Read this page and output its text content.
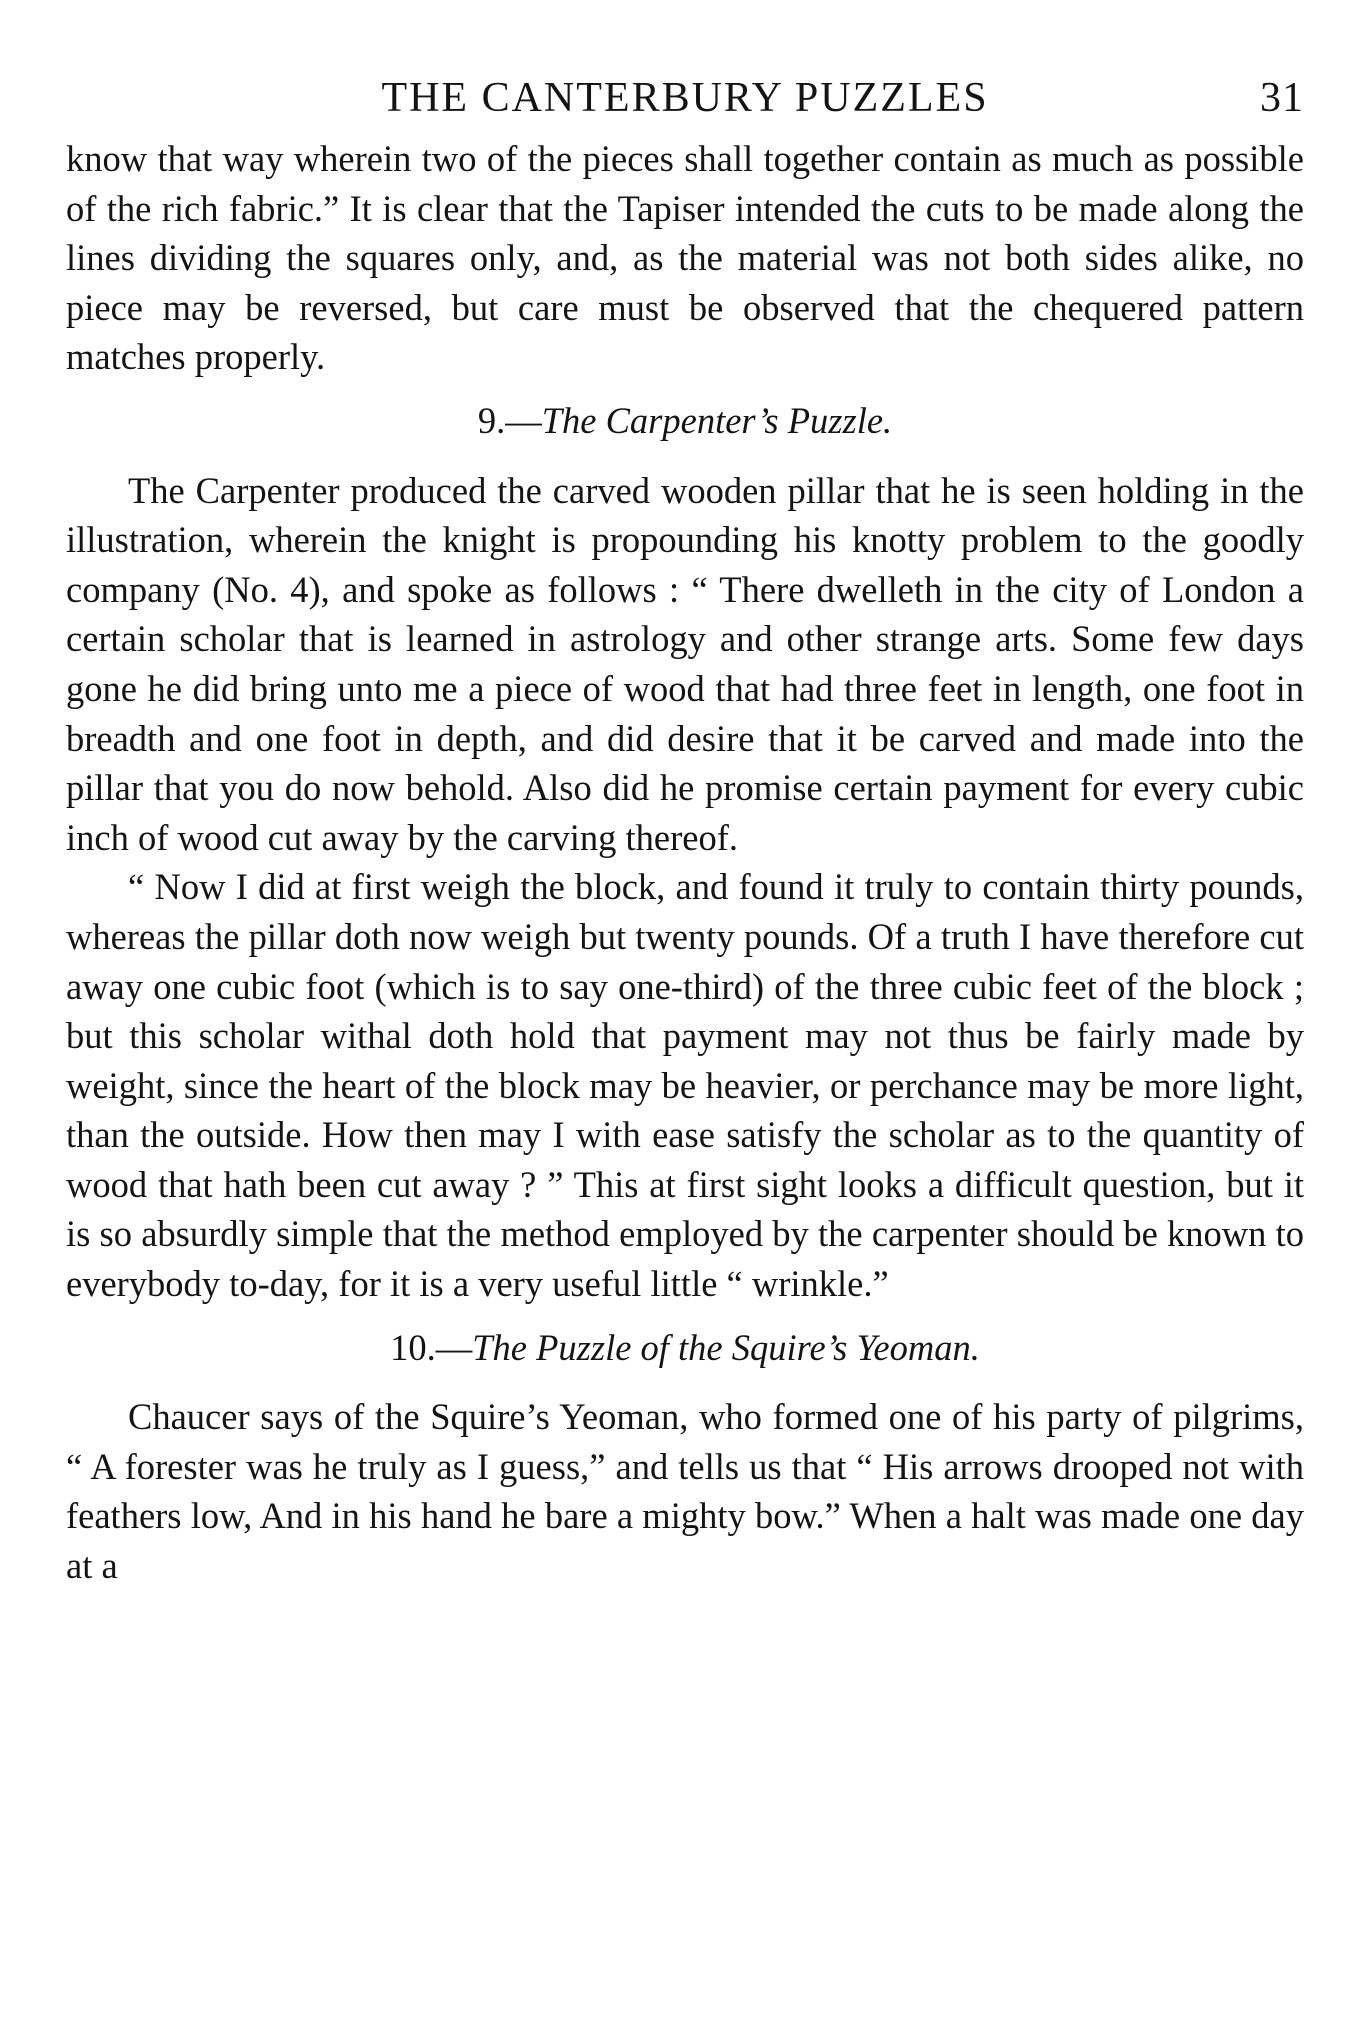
THE CANTERBURY PUZZLES	31

know that way wherein two of the pieces shall together contain as much as possible of the rich fabric.” It is clear that the Tapiser intended the cuts to be made along the lines dividing the squares only, and, as the material was not both sides alike, no piece may be reversed, but care must be observed that the chequered pattern matches properly.

9.—The Carpenter’s Puzzle.

The Carpenter produced the carved wooden pillar that he is seen holding in the illustration, wherein the knight is propounding his knotty problem to the goodly company (No. 4), and spoke as follows : “ There dwelleth in the city of London a certain scholar that is learned in astrology and other strange arts. Some few days gone he did bring unto me a piece of wood that had three feet in length, one foot in breadth and one foot in depth, and did desire that it be carved and made into the pillar that you do now behold. Also did he promise certain payment for every cubic inch of wood cut away by the carving thereof.

“ Now I did at first weigh the block, and found it truly to contain thirty pounds, whereas the pillar doth now weigh but twenty pounds. Of a truth I have therefore cut away one cubic foot (which is to say one-third) of the three cubic feet of the block ; but this scholar withal doth hold that payment may not thus be fairly made by weight, since the heart of the block may be heavier, or perchance may be more light, than the outside. How then may I with ease satisfy the scholar as to the quantity of wood that hath been cut away ? ” This at first sight looks a difficult question, but it is so absurdly simple that the method employed by the carpenter should be known to everybody to-day, for it is a very useful little “ wrinkle.”

10.—The Puzzle of the Squire’s Yeoman.

Chaucer says of the Squire’s Yeoman, who formed one of his party of pilgrims, “ A forester was he truly as I guess,” and tells us that “ His arrows drooped not with feathers low, And in his hand he bare a mighty bow.” When a halt was made one day at a
